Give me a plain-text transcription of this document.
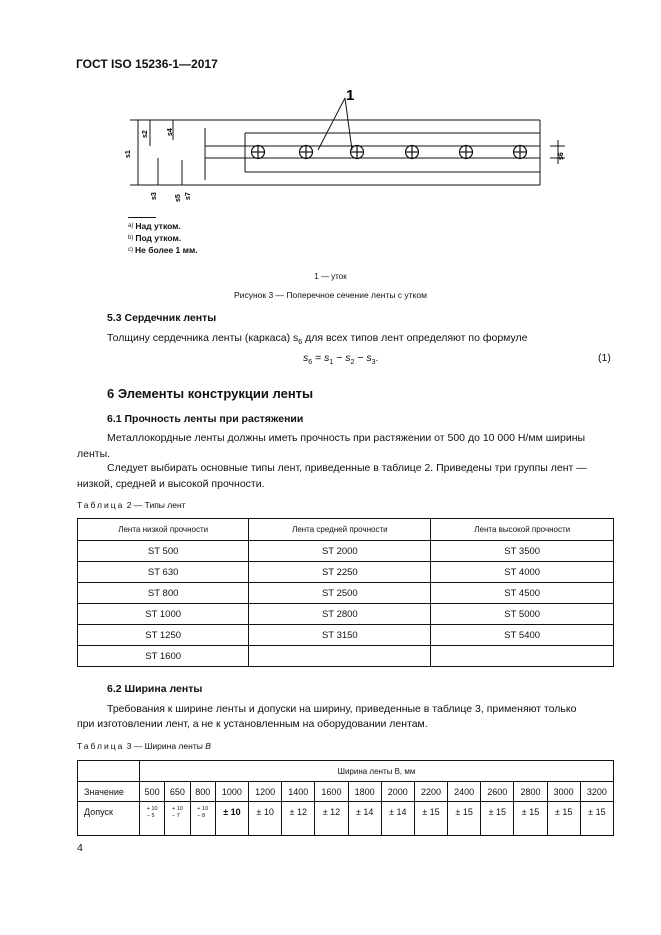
ГОСТ ISO 15236-1—2017
1
s1
s2	s4
s3 s5
s6
s7
$^{a)}$ Над утком.
$^{b)}$ Под утком.
$^{c)}$ Не более 1 мм.
1 — уток
Рисунок 3 — Поперечное сечение ленты с утком
5.3 Сердечник ленты
Толщину сердечника ленты (каркаса) $s_6$ для всех типов лент определяют по формуле
$s_6 = s_1 - s_2 - s_3$.	(1)
6 Элементы конструкции ленты
6.1 Прочность ленты при растяжении
Металлокордные ленты должны иметь прочность при растяжении от 500 до 10 000 Н/мм ширины
ленты.
Следует выбирать основные типы лент, приведенные в таблице 2. Приведены три группы лент —
низкой, средней и высокой прочности.
Таблица 2 — Типы лент
Лента низкой прочности	Лента средней прочности	Лента высокой прочности
ST 500	ST 2000	ST 3500
ST 630	ST 2250	ST 4000
ST 800	ST 2500	ST 4500
ST 1000	ST 2800	ST 5000
ST 1250	ST 3150	ST 5400
ST 1600		
6.2 Ширина ленты
Требования к ширине ленты и допуски на ширину, приведенные в таблице 3, применяют только
при изготовлении лент, а не к установленным на оборудовании лентам.
Таблица 3 — Ширина ленты B
	Ширина ленты B, мм														
Значение	500	650	800	1000	1200	1400	1600	1800	2000	2200	2400	2600	2800	3000	3200
Допуск	+ 10
− 5	+ 10
− 7	+ 10
− 8	± 10	± 10	± 12	± 12	± 14	± 14	± 15	± 15	± 15	± 15	± 15	± 15
4
